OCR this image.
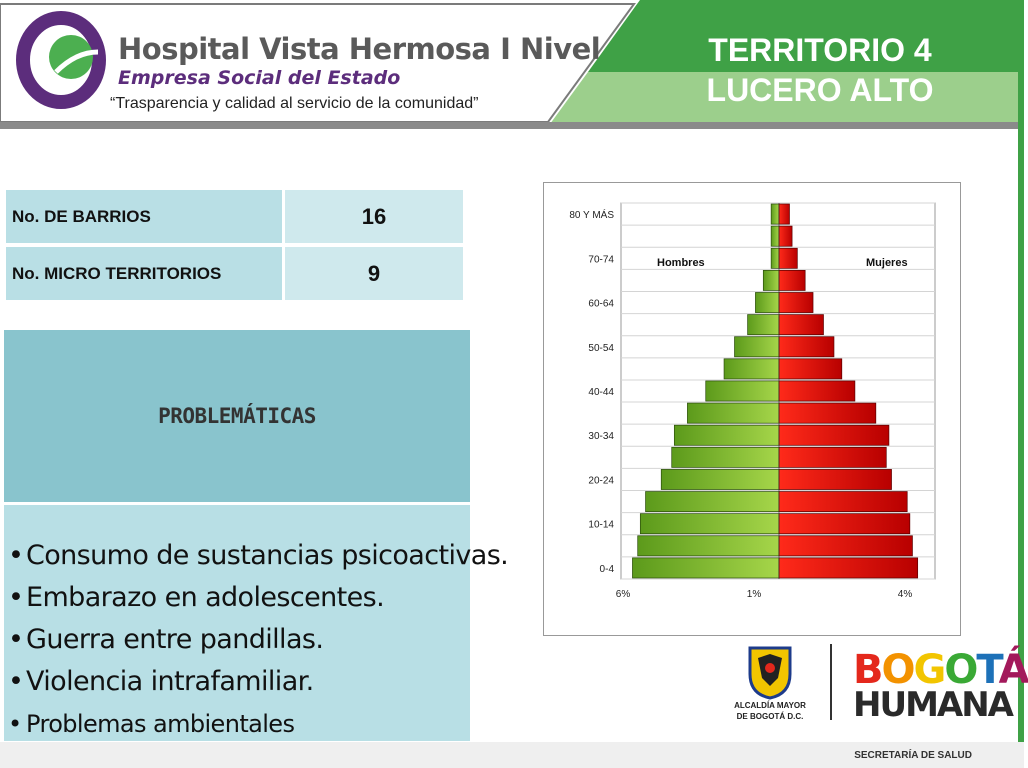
Hospital Vista Hermosa I Nivel
Empresa Social del Estado
“Trasparencia y calidad al servicio de la comunidad”
TERRITORIO 4
LUCERO ALTO
No. DE BARRIOS	16
No. MICRO TERRITORIOS	9
PROBLEMÁTICAS
•Consumo de sustancias psicoactivas.
•Embarazo en adolescentes.
•Guerra entre pandillas.
•Violencia intrafamiliar.
• Problemas ambientales
0-4
10-14
20-24
30-34
40-44
50-54
60-64
70-74
80 Y MÁS
6%	1%	4%
Hombres	Mujeres
ALCALDÍA MAYOR
DE BOGOTÁ D.C.
BOGOTÁ
HUMANA
SECRETARÍA DE SALUD
